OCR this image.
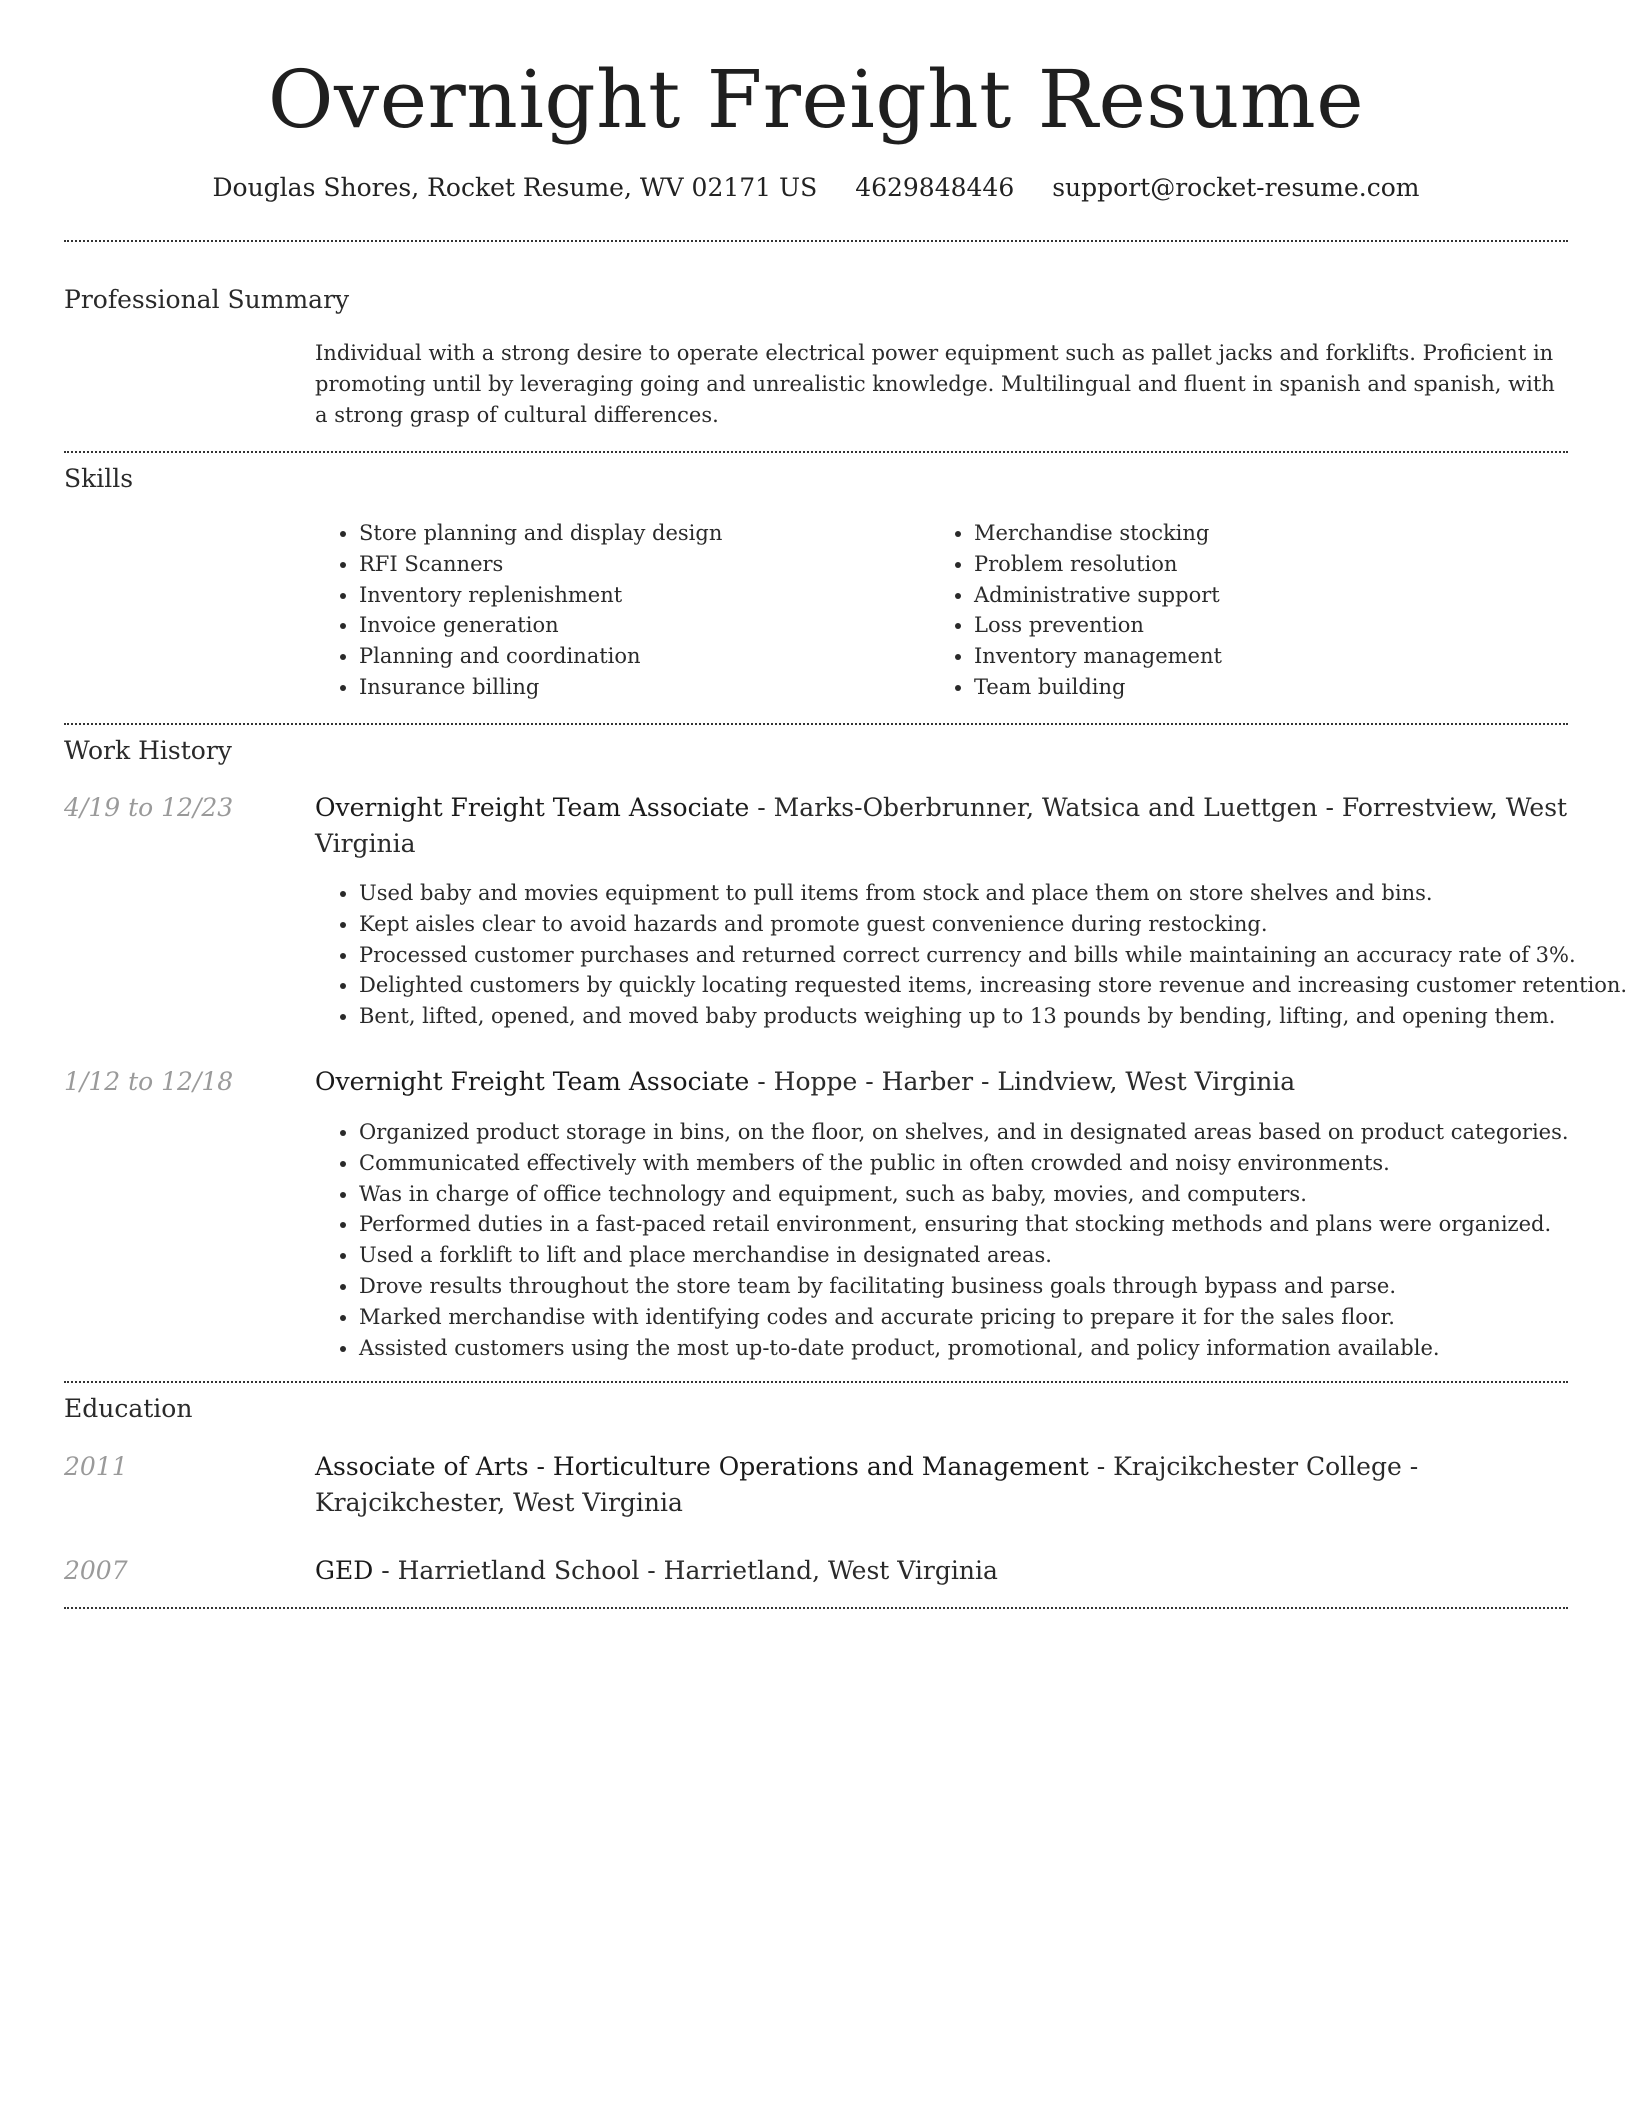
Overnight Freight Resume
Douglas Shores, Rocket Resume, WV 02171 US 4629848446 support@rocket-resume.com
Professional Summary
Individual with a strong desire to operate electrical power equipment such as pallet jacks and forklifts. Proficient in promoting until by leveraging going and unrealistic knowledge. Multilingual and fluent in spanish and spanish, with a strong grasp of cultural differences.
Skills
• Store planning and display design
• RFI Scanners
• Inventory replenishment
• Invoice generation
• Planning and coordination
• Insurance billing
• Merchandise stocking
• Problem resolution
• Administrative support
• Loss prevention
• Inventory management
• Team building
Work History
4/19 to 12/23	Overnight Freight Team Associate - Marks-Oberbrunner, Watsica and Luettgen - Forrestview, West Virginia
• Used baby and movies equipment to pull items from stock and place them on store shelves and bins.
• Kept aisles clear to avoid hazards and promote guest convenience during restocking.
• Processed customer purchases and returned correct currency and bills while maintaining an accuracy rate of 3%.
• Delighted customers by quickly locating requested items, increasing store revenue and increasing customer retention.
• Bent, lifted, opened, and moved baby products weighing up to 13 pounds by bending, lifting, and opening them.
1/12 to 12/18	Overnight Freight Team Associate - Hoppe - Harber - Lindview, West Virginia
• Organized product storage in bins, on the floor, on shelves, and in designated areas based on product categories.
• Communicated effectively with members of the public in often crowded and noisy environments.
• Was in charge of office technology and equipment, such as baby, movies, and computers.
• Performed duties in a fast-paced retail environment, ensuring that stocking methods and plans were organized.
• Used a forklift to lift and place merchandise in designated areas.
• Drove results throughout the store team by facilitating business goals through bypass and parse.
• Marked merchandise with identifying codes and accurate pricing to prepare it for the sales floor.
• Assisted customers using the most up-to-date product, promotional, and policy information available.
Education
2011	Associate of Arts - Horticulture Operations and Management - Krajcikchester College - Krajcikchester, West Virginia
2007	GED - Harrietland School - Harrietland, West Virginia
